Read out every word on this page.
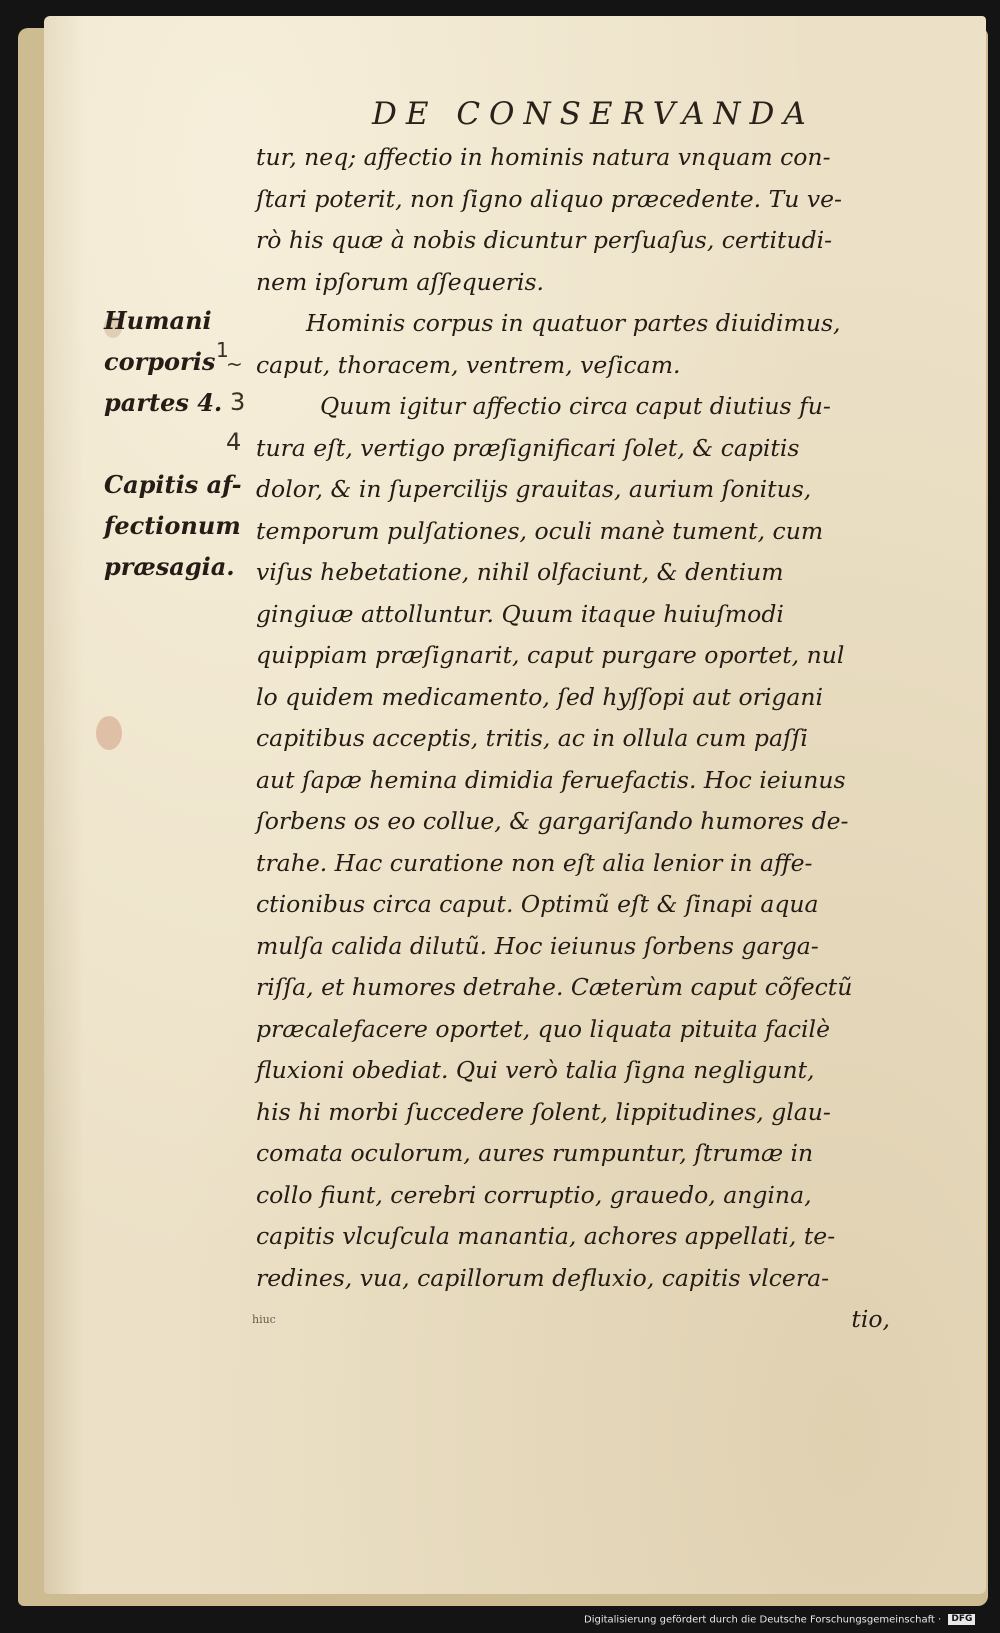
DE CONSERVANDA
Humani
corporis
partes 4.
Capitis af-
fectionum
præsagia.
1
~
3
4
tur, neq; affectio in hominis natura vnquam con-
ſtari poterit, non ſigno aliquo præcedente. Tu ve-
rò his quæ à nobis dicuntur perſuaſus, certitudi-
nem ipſorum aſſequeris.
Hominis corpus in quatuor partes diuidimus,
caput, thoracem, ventrem, veſicam.
Quum igitur affectio circa caput diutius fu-
tura eſt, vertigo præſignificari ſolet, & capitis
dolor, & in ſuperciliјs grauitas, aurium ſonitus,
temporum pulſationes, oculi manè tument, cum
viſus hebetatione, nihil olfaciunt, & dentium
gingiuæ attolluntur. Quum itaque huiuſmodi
quippiam præſignarit, caput purgare oportet, nul
lo quidem medicamento, ſed hyſſopi aut origani
capitibus acceptis, tritis, ac in ollula cum paſſi
aut ſapæ hemina dimidia feruefactis. Hoc ieiunus
ſorbens os eo collue, & gargariſando humores de-
trahe. Hac curatione non eſt alia lenior in affe-
ctionibus circa caput. Optimũ eſt & ſinapi aqua
mulſa calida dilutũ. Hoc ieiunus ſorbens garga-
riſſa, et humores detrahe. Cæterùm caput cõfectũ
præcalefacere oportet, quo liquata pituita facilè
fluxioni obediat. Qui verò talia ſigna negligunt,
his hi morbi ſuccedere ſolent, lippitudines, glau-
comata oculorum, aures rumpuntur, ſtrumæ in
collo fiunt, cerebri corruptio, grauedo, angina,
capitis vlcuſcula manantia, achores appellati, te-
redines, vua, capillorum defluxio, capitis vlcera-
tio,
hiuc
Digitalisierung gefördert durch die Deutsche Forschungsgemeinschaft · DFG
